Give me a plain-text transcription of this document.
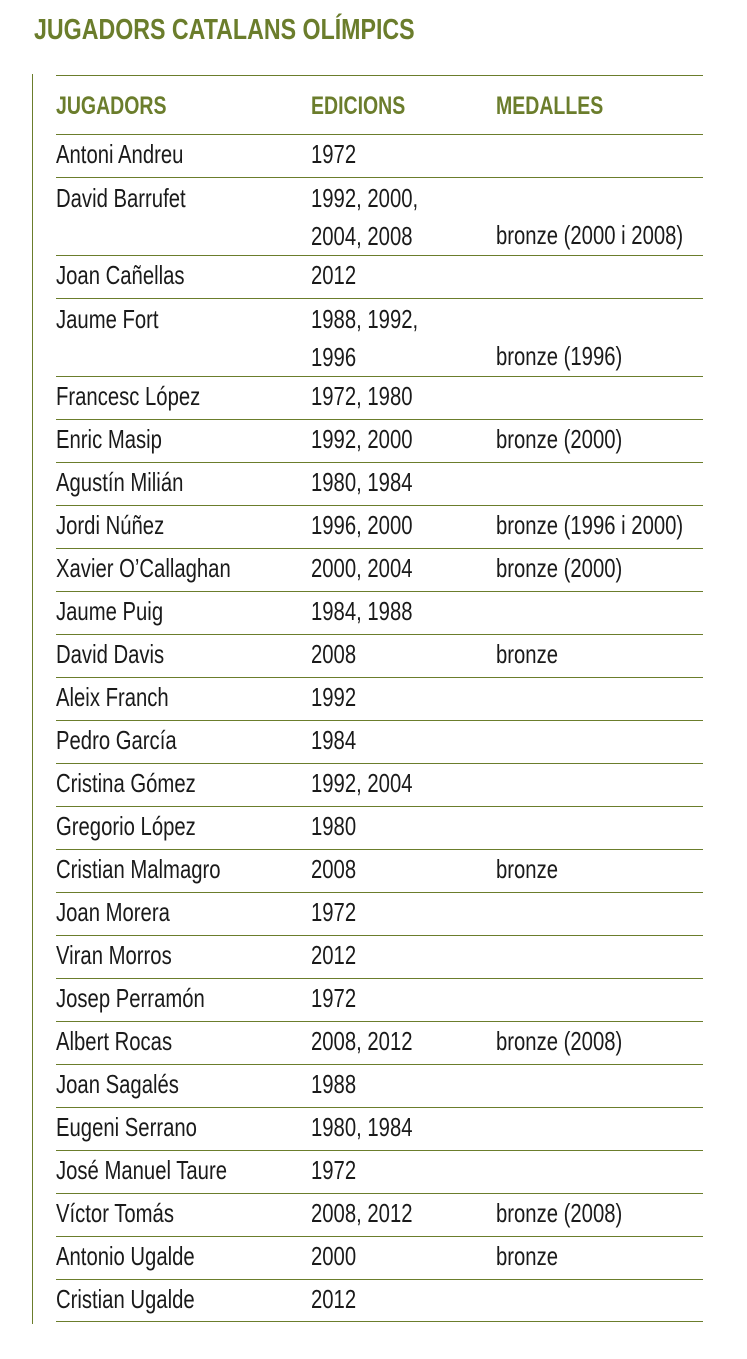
JUGADORS CATALANS OLÍMPICS
JUGADORS	EDICIONS	MEDALLES
Antoni Andreu	1972
David Barrufet	1992, 2000,
2004, 2008	bronze (2000 i 2008)
Joan Cañellas	2012
Jaume Fort	1988, 1992,
1996	bronze (1996)
Francesc López	1972, 1980
Enric Masip	1992, 2000	bronze (2000)
Agustín Milián	1980, 1984
Jordi Núñez	1996, 2000	bronze (1996 i 2000)
Xavier O’Callaghan	2000, 2004	bronze (2000)
Jaume Puig	1984, 1988
David Davis	2008	bronze
Aleix Franch	1992
Pedro García	1984
Cristina Gómez	1992, 2004
Gregorio López	1980
Cristian Malmagro	2008	bronze
Joan Morera	1972
Viran Morros	2012
Josep Perramón	1972
Albert Rocas	2008, 2012	bronze (2008)
Joan Sagalés	1988
Eugeni Serrano	1980, 1984
José Manuel Taure	1972
Víctor Tomás	2008, 2012	bronze (2008)
Antonio Ugalde	2000	bronze
Cristian Ugalde	2012
